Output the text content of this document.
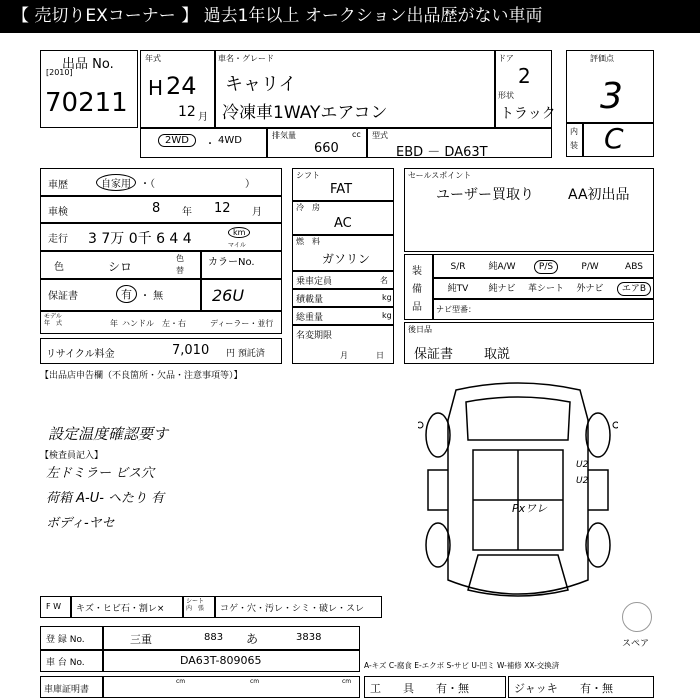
【 売切りEXコーナー 】 過去1年以上 オークション出品歴がない車両
出品 No.
[2010]
70211
年式
H 24
12 月
車名・グレード
キャリイ
冷凍車1WAYエアコン
ドア
2
形状
トラック
評価点
3
内
装 C
2WD	・ 4WD	排気量	cc
660
型式
EBD － DA63T
車歴	自家用 ・（　　　　　　　　　）
車検	8 年 12 月
走行 3 7万 0千 6 4 4	km
マイル
色	シロ
色
替
カラーNo.
26U
保証書	有 ・ 無
モデル
年　式	年 ハンドル　左・右	ディーラー・並行
リサイクル料金	7,010 円 預託済
シフト
FAT
冷　房
AC
燃　料
ガソリン
乗車定員	名
積載量	kg
総重量	kg
名変期限
月	日
セールスポイント
ユーザー買取り AA初出品
装
備
品 ナビ型番：
後日品
保証書 取説
【出品店申告欄（不良箇所・欠品・注意事項等）】
設定温度確認要す
【検査員記入】
左ドミラー ビス穴
荷箱 A-U- ヘたり 有
ボディ-ヤセ
U2
U2
Pxワレ
スペア
F W キズ・ヒビ石・割レ×
シート
内　張 コゲ・穴・汚レ・シミ・破レ・スレ
登 録 No.	三重	883 あ	3838
車 台 No.	DA63T-809065	A-キズ C-腐食 E-エクボ S-サビ U-凹ミ W-補修 XX-交換済
車庫証明書
cm	cm	cm
工　　具 有・無	ジャッキ 有・無
S/R	純A/W	P/S	P/W	ABS
純TV	純ナビ	革シート	外ナビ	エアB
